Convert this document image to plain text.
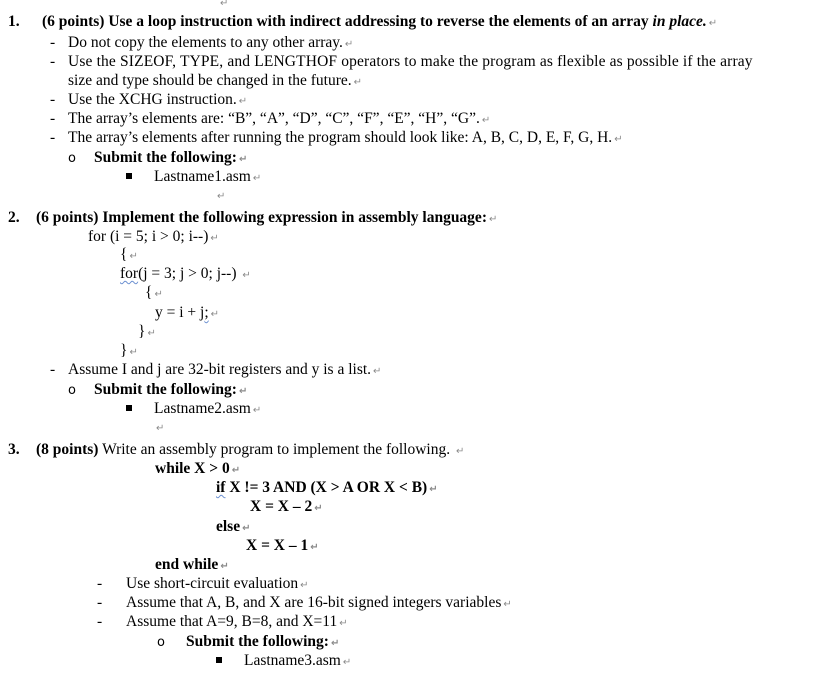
↵
1. (6 points) Use a loop instruction with indirect addressing to reverse the elements of an array in place. ↵
- Do not copy the elements to any other array. ↵
- Use the SIZEOF, TYPE, and LENGTHOF operators to make the program as flexible as possible if the array
size and type should be changed in the future. ↵
- Use the XCHG instruction. ↵
- The array’s elements are: “B”, “A”, “D”, “C”, “F”, “E”, “H”, “G”. ↵
- The array’s elements after running the program should look like: A, B, C, D, E, F, G, H. ↵
o Submit the following: ↵
Lastname1.asm ↵
↵
2. (6 points) Implement the following expression in assembly language: ↵
for (i = 5; i > 0; i--) ↵
{ ↵
for(j = 3; j > 0; j--) ↵
{ ↵
y = i + j; ↵
} ↵
} ↵
- Assume I and j are 32-bit registers and y is a list. ↵
o Submit the following: ↵
Lastname2.asm ↵
↵
3. (8 points) Write an assembly program to implement the following. ↵
while X > 0 ↵
if X != 3 AND (X > A OR X < B) ↵
X = X – 2 ↵
else ↵
X = X – 1 ↵
end while ↵
- Use short-circuit evaluation ↵
- Assume that A, B, and X are 16-bit signed integers variables ↵
- Assume that A=9, B=8, and X=11 ↵
o Submit the following: ↵
Lastname3.asm ↵
